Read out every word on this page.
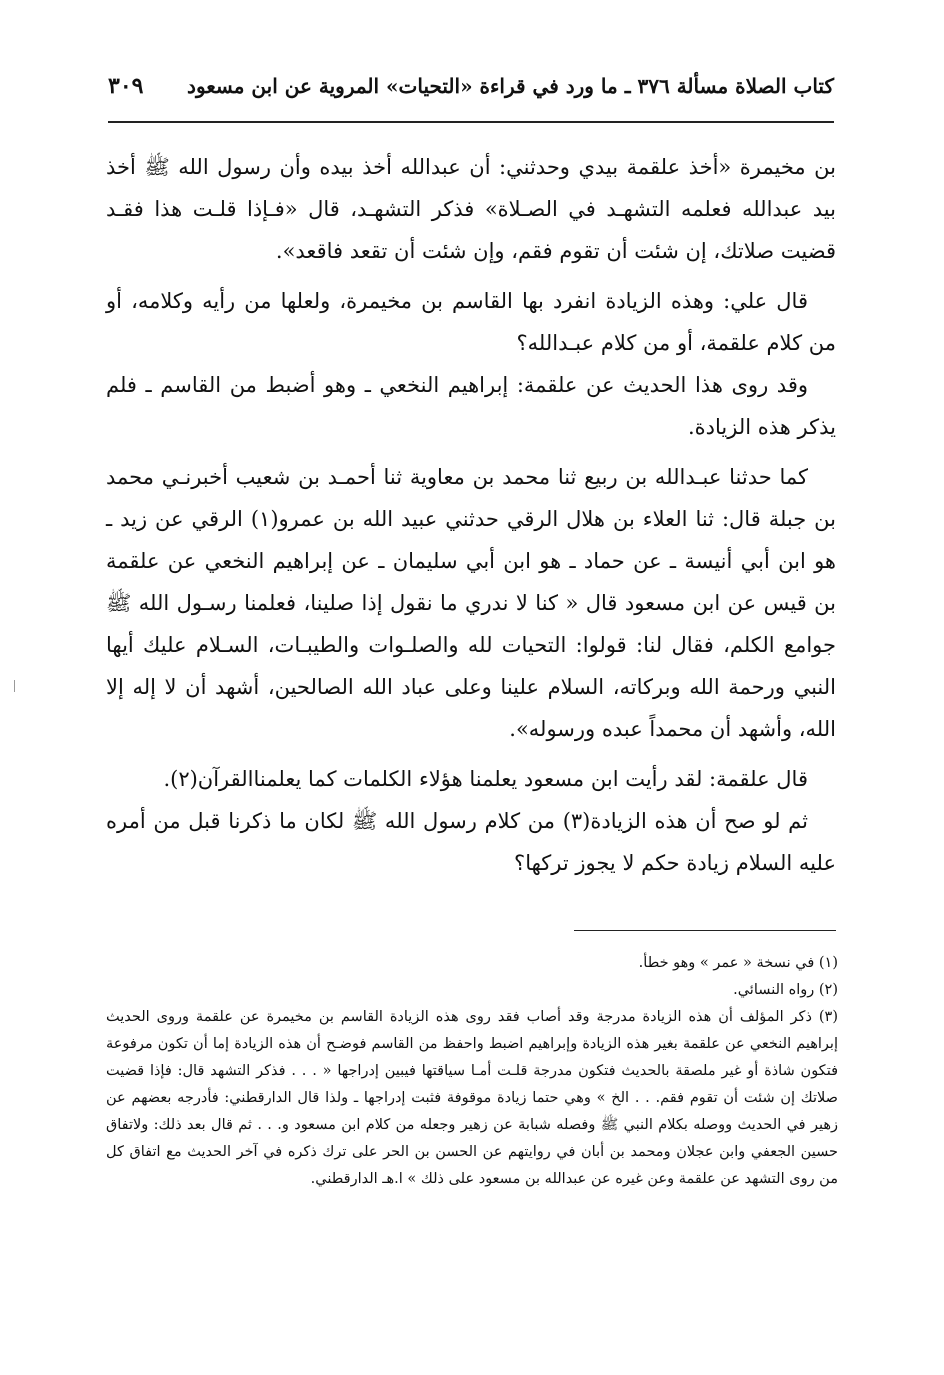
كتاب الصلاة مسألة ٣٧٦ ـ ما ورد في قراءة «التحيات» المروية عن ابن مسعود
٣٠٩

بن مخيمرة «أخذ علقمة بيدي وحدثني: أن عبدالله أخذ بيده وأن رسول الله ﷺ أخذ بيد عبدالله فعلمه التشهـد في الصـلاة» فذكر التشهـد، قال «فـإذا قلـت هذا فقـد قضيت صلاتك، إن شئت أن تقوم فقم، وإن شئت أن تقعد فاقعد».

قال علي: وهذه الزيادة انفرد بها القاسم بن مخيمرة، ولعلها من رأيه وكلامه، أو من كلام علقمة، أو من كلام عبـدالله؟

وقد روى هذا الحديث عن علقمة: إبراهيم النخعي ـ وهو أضبط من القاسم ـ فلم يذكر هذه الزيادة.

كما حدثنا عبـدالله بن ربيع ثنا محمد بن معاوية ثنا أحمـد بن شعيب أخبرنـي محمد بن جبلة قال: ثنا العلاء بن هلال الرقي حدثني عبيد الله بن عمرو(١) الرقي عن زيد ـ هو ابن أبي أنيسة ـ عن حماد ـ هو ابن أبي سليمان ـ عن إبراهيم النخعي عن علقمة بن قيس عن ابن مسعود قال « كنا لا ندري ما نقول إذا صلينا، فعلمنا رسـول الله ﷺ جوامع الكلم، فقال لنا: قولوا: التحيات لله والصلـوات والطيبـات، السـلام عليك أيها النبي ورحمة الله وبركاته، السلام علينا وعلى عباد الله الصالحين، أشهد أن لا إله إلا الله، وأشهد أن محمداً عبده ورسوله».

قال علقمة: لقد رأيت ابن مسعود يعلمنا هؤلاء الكلمات كما يعلمناالقرآن(٢).

ثم لو صح أن هذه الزيادة(٣) من كلام رسول الله ﷺ لكان ما ذكرنا قبل من أمره عليه السلام زيادة حكم لا يجوز تركها؟

(١) في نسخة « عمر » وهو خطأ.

(٢) رواه النسائي.

(٣) ذكر المؤلف أن هذه الزيادة مدرجة وقد أصاب فقد روى هذه الزيادة القاسم بن مخيمرة عن علقمة وروى الحديث إبراهيم النخعي عن علقمة بغير هذه الزيادة وإبراهيم اضبط واحفظ من القاسم فوضـح أن هذه الزيادة إما أن تكون مرفوعة فتكون شاذة أو غير ملصقة بالحديث فتكون مدرجة قلـت أمـا سياقتها فيبين إدراجها « . . . فذكر التشهد قال: فإذا قضيت صلاتك إن شئت أن تقوم فقم. . . الخ » وهي حتما زيادة موقوفة فثبت إدراجها ـ ولذا قال الدارقطني: فأدرجه بعضهم عن زهير في الحديث ووصله بكلام النبي ﷺ وفصله شبابة عن زهير وجعله من كلام ابن مسعود و. . . ثم قال بعد ذلك: ولاتفاق حسين الجعفي وابن عجلان ومحمد بن أبان في روايتهم عن الحسن بن الحر على ترك ذكره في آخر الحديث مع اتفاق كل من روى التشهد عن علقمة وعن غيره عن عبدالله بن مسعود على ذلك » ا.هـ الدارقطني.
